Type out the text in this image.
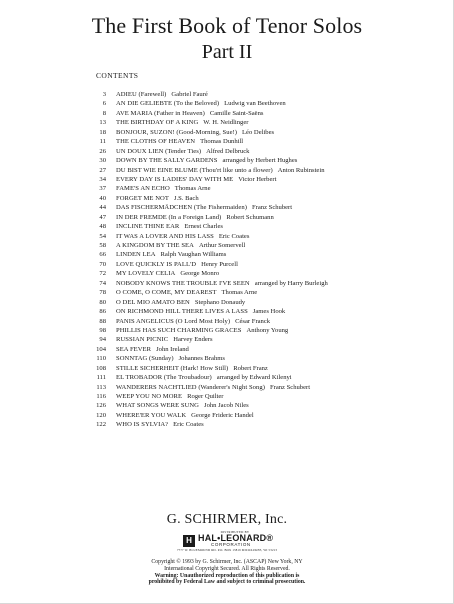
The First Book of Tenor Solos
Part II
CONTENTS
3 ADIEU (Farewell) Gabriel Fauré
6 AN DIE GELIEBTE (To the Beloved) Ludwig van Beethoven
8 AVE MARIA (Father in Heaven) Camille Saint-Saëns
13 THE BIRTHDAY OF A KING W. H. Neidlinger
18 BONJOUR, SUZON! (Good-Morning, Sue!) Léo Delibes
11 THE CLOTHS OF HEAVEN Thomas Dunhill
26 UN DOUX LIEN (Tender Ties) Alfred Delbruck
30 DOWN BY THE SALLY GARDENS arranged by Herbert Hughes
27 DU BIST WIE EINE BLUME (Thou'rt like unto a flower) Anton Rubinstein
34 EVERY DAY IS LADIES' DAY WITH ME Victor Herbert
37 FAME'S AN ECHO Thomas Arne
40 FORGET ME NOT J.S. Bach
44 DAS FISCHERMÄDCHEN (The Fishermaiden) Franz Schubert
47 IN DER FREMDE (In a Foreign Land) Robert Schumann
48 INCLINE THINE EAR Ernest Charles
54 IT WAS A LOVER AND HIS LASS Eric Coates
58 A KINGDOM BY THE SEA Arthur Somervell
66 LINDEN LEA Ralph Vaughan Williams
70 LOVE QUICKLY IS PALL'D Henry Purcell
72 MY LOVELY CELIA George Monro
74 NOBODY KNOWS THE TROUBLE I'VE SEEN arranged by Harry Burleigh
78 O COME, O COME, MY DEAREST Thomas Arne
80 O DEL MIO AMATO BEN Stephano Donaudy
86 ON RICHMOND HILL THERE LIVES A LASS James Hook
88 PANIS ANGELICUS (O Lord Most Holy) César Franck
98 PHILLIS HAS SUCH CHARMING GRACES Anthony Young
94 RUSSIAN PICNIC Harvey Enders
104 SEA FEVER John Ireland
110 SONNTAG (Sunday) Johannes Brahms
108 STILLE SICHERHEIT (Hark! How Still) Robert Franz
111 EL TROBADOR (The Troubadour) arranged by Edward Kilenyi
113 WANDERERS NACHTLIED (Wanderer's Night Song) Franz Schubert
116 WEEP YOU NO MORE Roger Quilter
126 WHAT SONGS WERE SUNG John Jacob Niles
120 WHERE'ER YOU WALK George Frideric Handel
122 WHO IS SYLVIA? Eric Coates
G. SCHIRMER, Inc.
DISTRIBUTED BY
H HAL•LEONARD®
CORPORATION
7777 W. BLUEMOUND RD. P.O. BOX 13819 MILWAUKEE, WI 53213
Copyright © 1993 by G. Schirmer, Inc. (ASCAP) New York, NY
International Copyright Secured. All Rights Reserved.
Warning: Unauthorized reproduction of this publication is
prohibited by Federal Law and subject to criminal prosecution.
